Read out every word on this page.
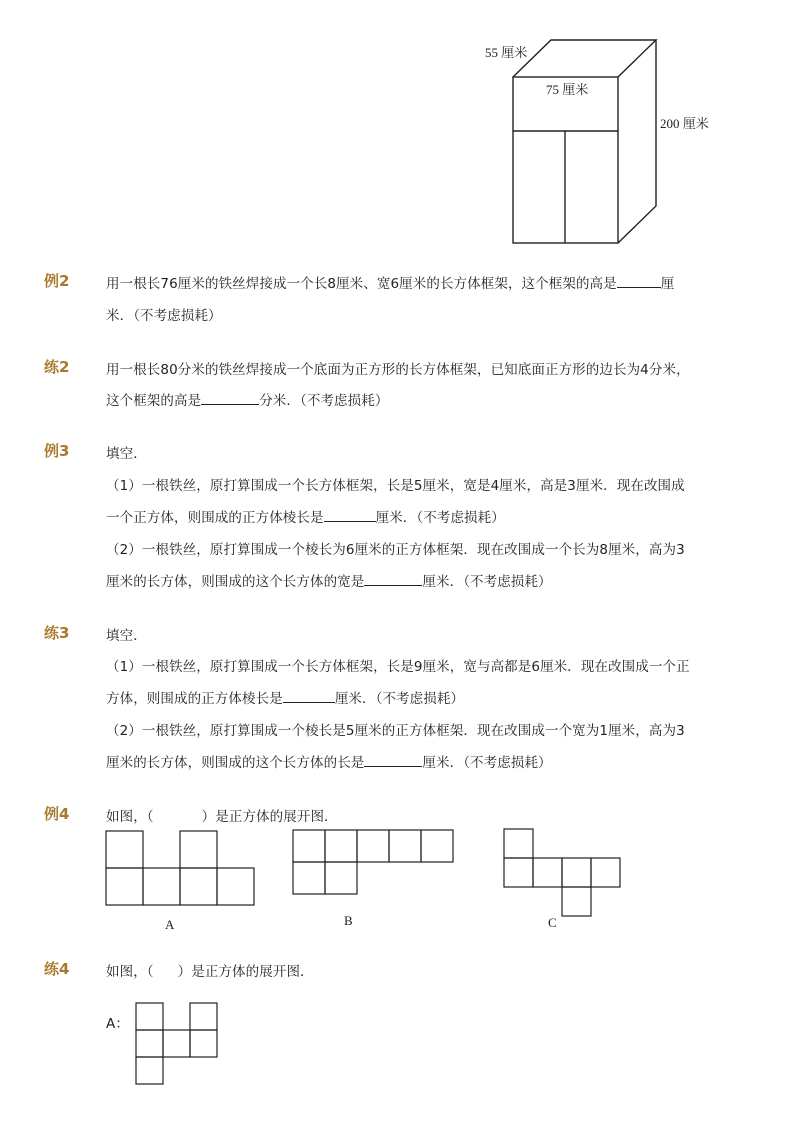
55 厘米
75 厘米
200 厘米
例2	用一根长76厘米的铁丝焊接成一个长8厘米、宽6厘米的长方体框架，这个框架的高是	厘
米．（不考虑损耗）
练2	用一根长80分米的铁丝焊接成一个底面为正方形的长方体框架，已知底面正方形的边长为4分米，
这个框架的高是	分米．（不考虑损耗）
例3	填空．
（1）一根铁丝，原打算围成一个长方体框架，长是5厘米，宽是4厘米，高是3厘米．现在改围成
一个正方体，则围成的正方体棱长是	厘米．（不考虑损耗）
（2）一根铁丝，原打算围成一个棱长为6厘米的正方体框架．现在改围成一个长为8厘米，高为3
厘米的长方体，则围成的这个长方体的宽是	厘米．（不考虑损耗）
练3	填空．
（1）一根铁丝，原打算围成一个长方体框架，长是9厘米，宽与高都是6厘米．现在改围成一个正
方体，则围成的正方体棱长是	厘米．（不考虑损耗）
（2）一根铁丝，原打算围成一个棱长是5厘米的正方体框架．现在改围成一个宽为1厘米，高为3
厘米的长方体，则围成的这个长方体的长是	厘米．（不考虑损耗）
例4	如图，（	）是正方体的展开图．
A	B	C
练4	如图，（ ）是正方体的展开图．
A：
